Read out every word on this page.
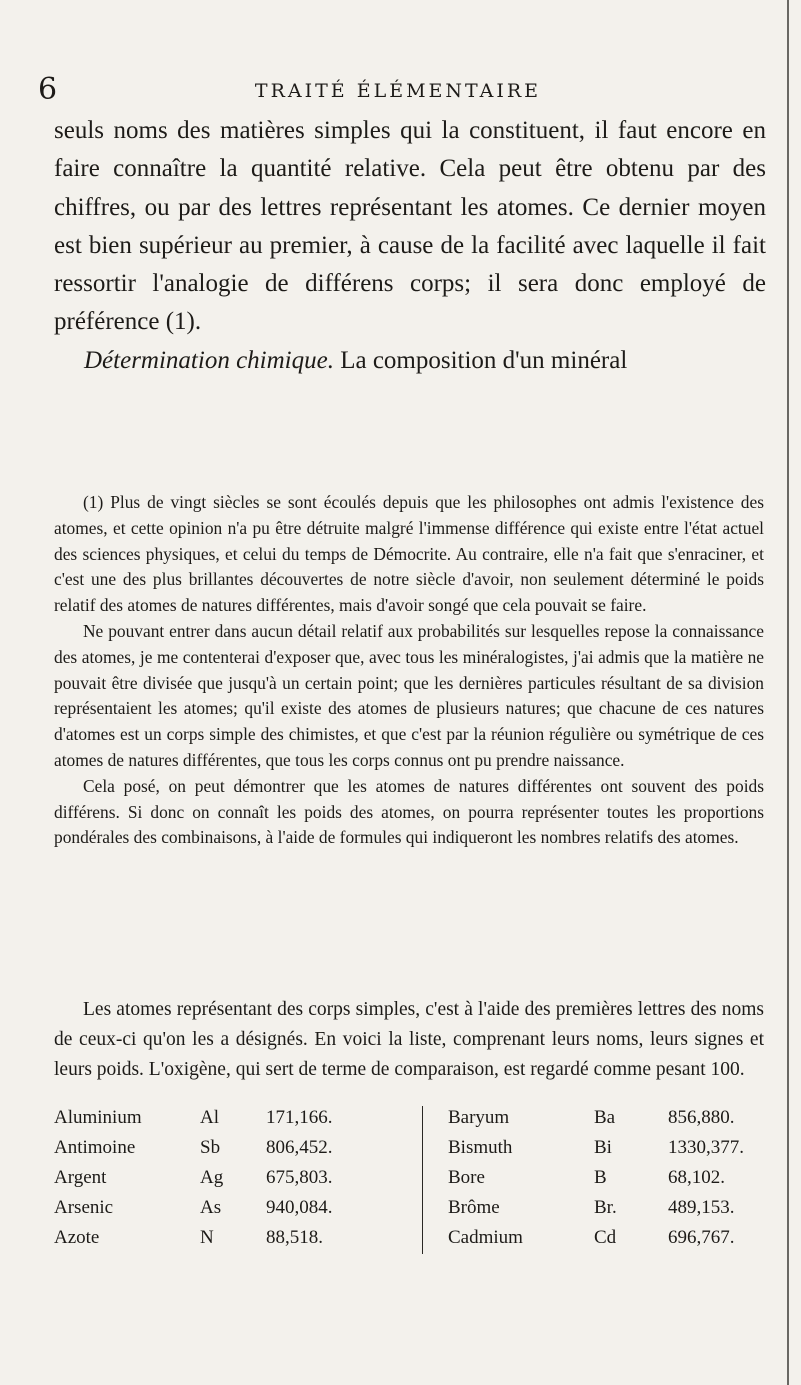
6	TRAITÉ ÉLÉMENTAIRE

seuls noms des matières simples qui la constituent, il faut encore en faire connaître la quantité relative. Cela peut être obtenu par des chiffres, ou par des lettres représentant les atomes. Ce dernier moyen est bien supérieur au premier, à cause de la facilité avec laquelle il fait ressortir l'analogie de différens corps; il sera donc employé de préférence (1).

Détermination chimique. La composition d'un minéral

(1) Plus de vingt siècles se sont écoulés depuis que les philosophes ont admis l'existence des atomes, et cette opinion n'a pu être détruite malgré l'immense différence qui existe entre l'état actuel des sciences physiques, et celui du temps de Démocrite. Au contraire, elle n'a fait que s'enraciner, et c'est une des plus brillantes découvertes de notre siècle d'avoir, non seulement déterminé le poids relatif des atomes de natures différentes, mais d'avoir songé que cela pouvait se faire.

Ne pouvant entrer dans aucun détail relatif aux probabilités sur lesquelles repose la connaissance des atomes, je me contenterai d'exposer que, avec tous les minéralogistes, j'ai admis que la matière ne pouvait être divisée que jusqu'à un certain point; que les dernières particules résultant de sa division représentaient les atomes; qu'il existe des atomes de plusieurs natures; que chacune de ces natures d'atomes est un corps simple des chimistes, et que c'est par la réunion régulière ou symétrique de ces atomes de natures différentes, que tous les corps connus ont pu prendre naissance.

Cela posé, on peut démontrer que les atomes de natures différentes ont souvent des poids différens. Si donc on connaît les poids des atomes, on pourra représenter toutes les proportions pondérales des combinaisons, à l'aide de formules qui indiqueront les nombres relatifs des atomes.

Les atomes représentant des corps simples, c'est à l'aide des premières lettres des noms de ceux-ci qu'on les a désignés. En voici la liste, comprenant leurs noms, leurs signes et leurs poids. L'oxigène, qui sert de terme de comparaison, est regardé comme pesant 100.

Aluminium	Al 171,166.
Antimoine	Sb 806,452.
Argent	Ag 675,803.
Arsenic	As 940,084.
Azote	N	88,518.
Baryum	Ba	856,880.
Bismuth	Bi	1330,377.
Bore	B	68,102.
Brôme	Br.	489,153.
Cadmium	Cd	696,767.
